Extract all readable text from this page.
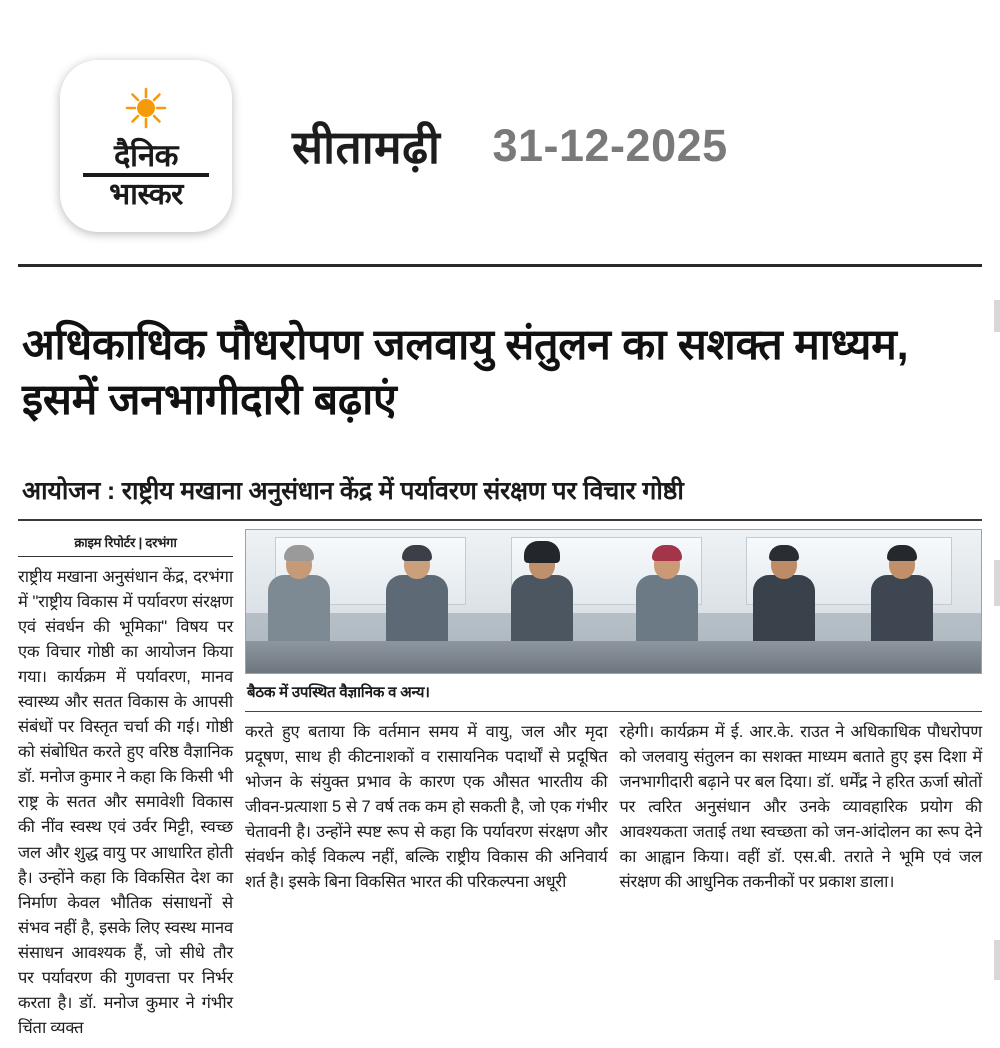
दैनिक
भास्कर
सीतामढ़ी 31-12-2025
अधिकाधिक पौधरोपण जलवायु संतुलन का सशक्त माध्यम, इसमें जनभागीदारी बढ़ाएं
आयोजन : राष्ट्रीय मखाना अनुसंधान केंद्र में पर्यावरण संरक्षण पर विचार गोष्ठी
क्राइम रिपोर्टर | दरभंगा

राष्ट्रीय मखाना अनुसंधान केंद्र, दरभंगा में "राष्ट्रीय विकास में पर्यावरण संरक्षण एवं संवर्धन की भूमिका" विषय पर एक विचार गोष्ठी का आयोजन किया गया। कार्यक्रम में पर्यावरण, मानव स्वास्थ्य और सतत विकास के आपसी संबंधों पर विस्तृत चर्चा की गई। गोष्ठी को संबोधित करते हुए वरिष्ठ वैज्ञानिक डॉ. मनोज कुमार ने कहा कि किसी भी राष्ट्र के सतत और समावेशी विकास की नींव स्वस्थ एवं उर्वर मिट्टी, स्वच्छ जल और शुद्ध वायु पर आधारित होती है। उन्होंने कहा कि विकसित देश का निर्माण केवल भौतिक संसाधनों से संभव नहीं है, इसके लिए स्वस्थ मानव संसाधन आवश्यक हैं, जो सीधे तौर पर पर्यावरण की गुणवत्ता पर निर्भर करता है। डॉ. मनोज कुमार ने गंभीर चिंता व्यक्त

बैठक में उपस्थित वैज्ञानिक व अन्य।

करते हुए बताया कि वर्तमान समय में वायु, जल और मृदा प्रदूषण, साथ ही कीटनाशकों व रासायनिक पदार्थों से प्रदूषित भोजन के संयुक्त प्रभाव के कारण एक औसत भारतीय की जीवन-प्रत्याशा 5 से 7 वर्ष तक कम हो सकती है, जो एक गंभीर चेतावनी है। उन्होंने स्पष्ट रूप से कहा कि पर्यावरण संरक्षण और संवर्धन कोई विकल्प नहीं, बल्कि राष्ट्रीय विकास की अनिवार्य शर्त है। इसके बिना विकसित भारत की परिकल्पना अधूरी

रहेगी। कार्यक्रम में ई. आर.के. राउत ने अधिकाधिक पौधरोपण को जलवायु संतुलन का सशक्त माध्यम बताते हुए इस दिशा में जनभागीदारी बढ़ाने पर बल दिया। डॉ. धर्मेंद्र ने हरित ऊर्जा स्रोतों पर त्वरित अनुसंधान और उनके व्यावहारिक प्रयोग की आवश्यकता जताई तथा स्वच्छता को जन-आंदोलन का रूप देने का आह्वान किया। वहीं डॉ. एस.बी. तराते ने भूमि एवं जल संरक्षण की आधुनिक तकनीकों पर प्रकाश डाला।
